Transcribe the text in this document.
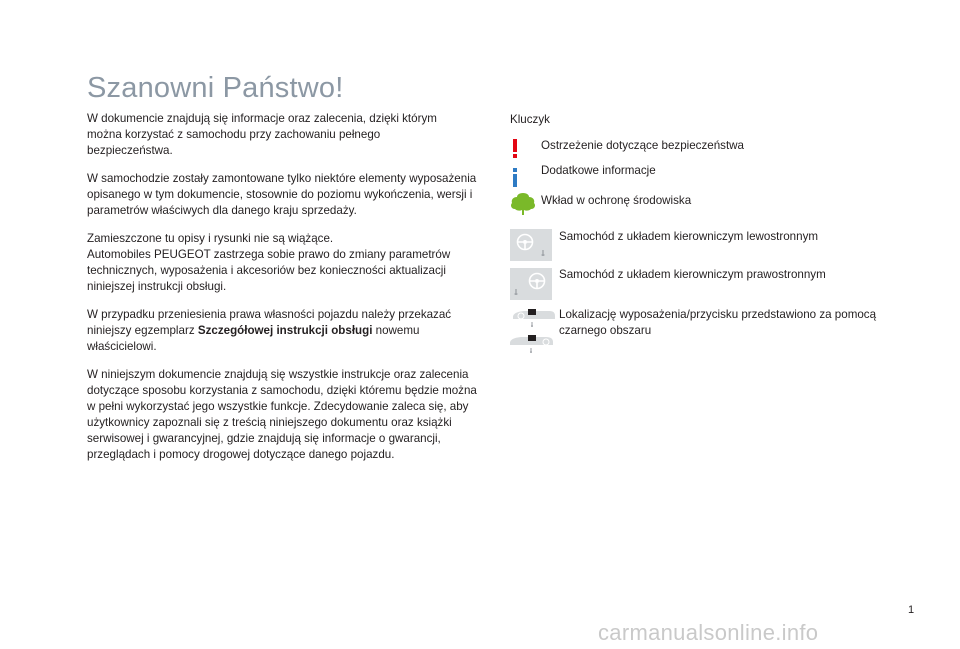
Szanowni Państwo!

W dokumencie znajdują się informacje oraz zalecenia, dzięki którym można korzystać z samochodu przy zachowaniu pełnego bezpieczeństwa.

W samochodzie zostały zamontowane tylko niektóre elementy wyposażenia opisanego w tym dokumencie, stosownie do poziomu wykończenia, wersji i parametrów właściwych dla danego kraju sprzedaży.

Zamieszczone tu opisy i rysunki nie są wiążące.
Automobiles PEUGEOT zastrzega sobie prawo do zmiany parametrów technicznych, wyposażenia i akcesoriów bez konieczności aktualizacji niniejszej instrukcji obsługi.

W przypadku przeniesienia prawa własności pojazdu należy przekazać niniejszy egzemplarz Szczegółowej instrukcji obsługi nowemu właścicielowi.

W niniejszym dokumencie znajdują się wszystkie instrukcje oraz zalecenia dotyczące sposobu korzystania z samochodu, dzięki któremu będzie można w pełni wykorzystać jego wszystkie funkcje. Zdecydowanie zaleca się, aby użytkownicy zapoznali się z treścią niniejszego dokumentu oraz książki serwisowej i gwarancyjnej, gdzie znajdują się informacje o gwarancji, przeglądach i pomocy drogowej dotyczące danego pojazdu.

Kluczyk
Ostrzeżenie dotyczące bezpieczeństwa
Dodatkowe informacje
Wkład w ochronę środowiska
Samochód z układem kierowniczym lewostronnym
Samochód z układem kierowniczym prawostronnym
Lokalizację wyposażenia/przycisku przedstawiono za pomocą czarnego obszaru
1
carmanualsonline.info
